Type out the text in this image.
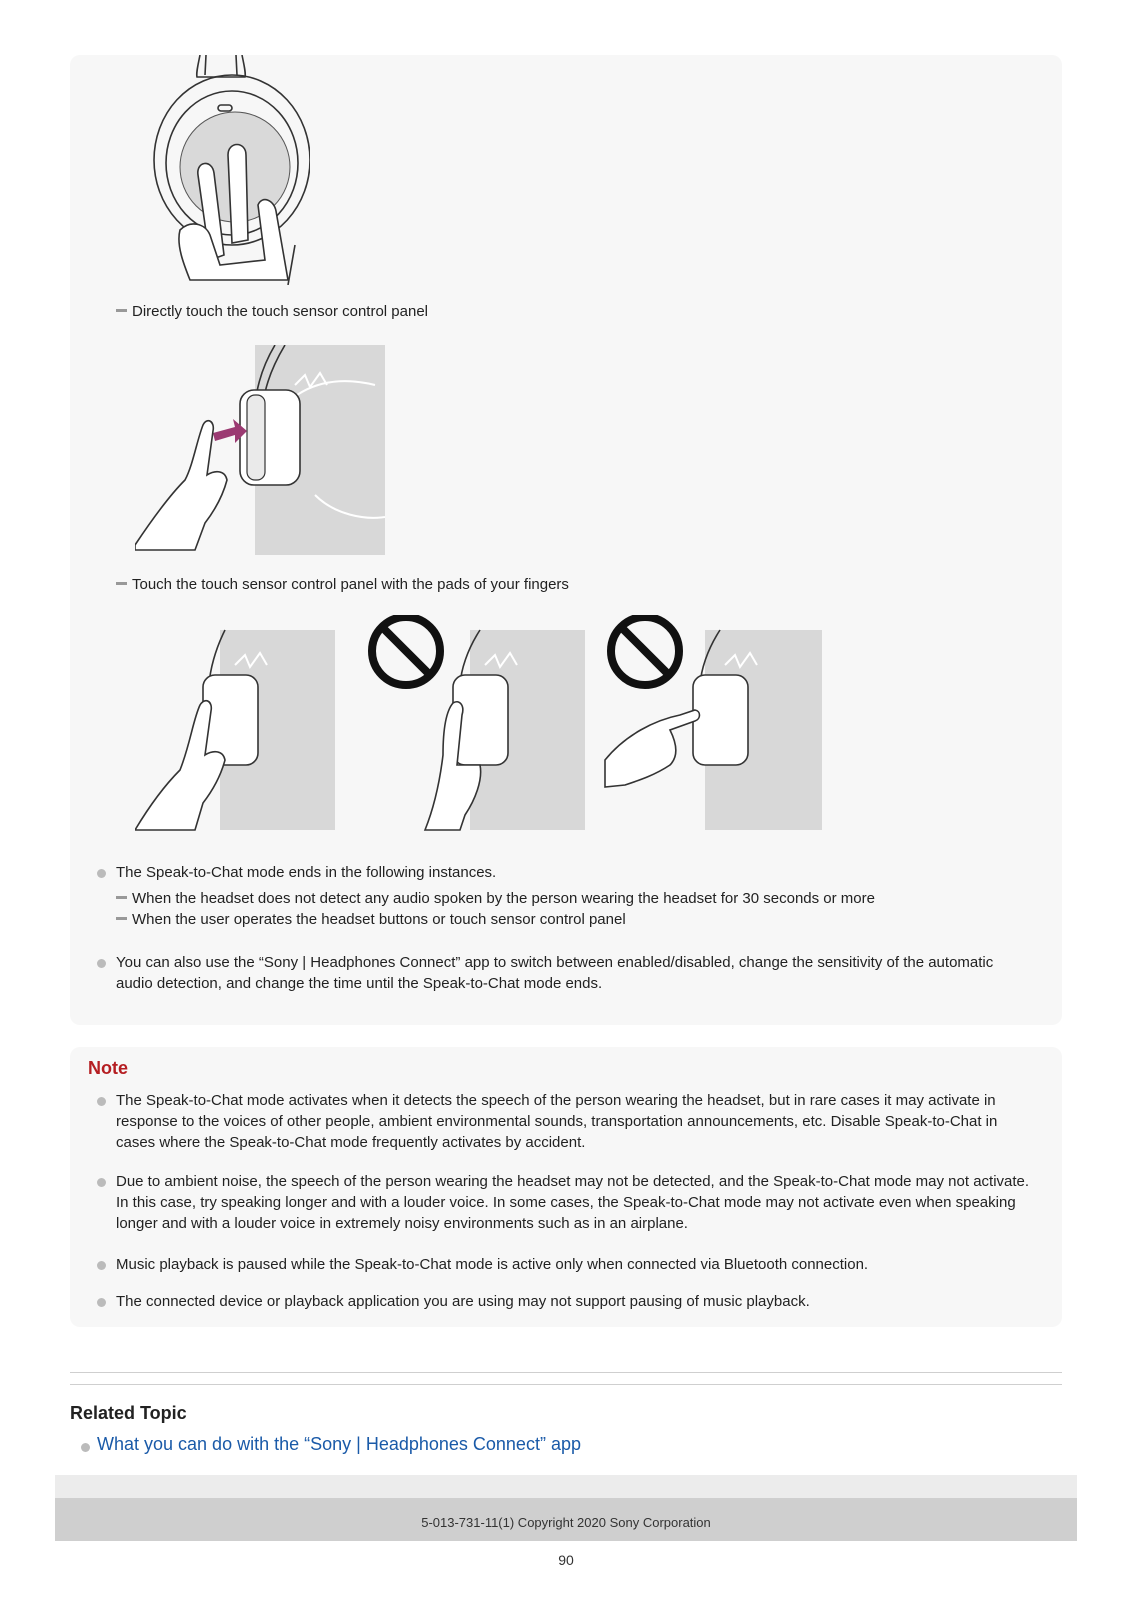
Directly touch the touch sensor control panel
Touch the touch sensor control panel with the pads of your fingers
The Speak-to-Chat mode ends in the following instances.
When the headset does not detect any audio spoken by the person wearing the headset for 30 seconds or more
When the user operates the headset buttons or touch sensor control panel
You can also use the “Sony | Headphones Connect” app to switch between enabled/disabled, change the sensitivity of the automatic audio detection, and change the time until the Speak-to-Chat mode ends.
Note
The Speak-to-Chat mode activates when it detects the speech of the person wearing the headset, but in rare cases it may activate in response to the voices of other people, ambient environmental sounds, transportation announcements, etc. Disable Speak-to-Chat in cases where the Speak-to-Chat mode frequently activates by accident.
Due to ambient noise, the speech of the person wearing the headset may not be detected, and the Speak-to-Chat mode may not activate. In this case, try speaking longer and with a louder voice. In some cases, the Speak-to-Chat mode may not activate even when speaking longer and with a louder voice in extremely noisy environments such as in an airplane.
Music playback is paused while the Speak-to-Chat mode is active only when connected via Bluetooth connection.
The connected device or playback application you are using may not support pausing of music playback.
Related Topic
What you can do with the “Sony | Headphones Connect” app
5-013-731-11(1) Copyright 2020 Sony Corporation
90
